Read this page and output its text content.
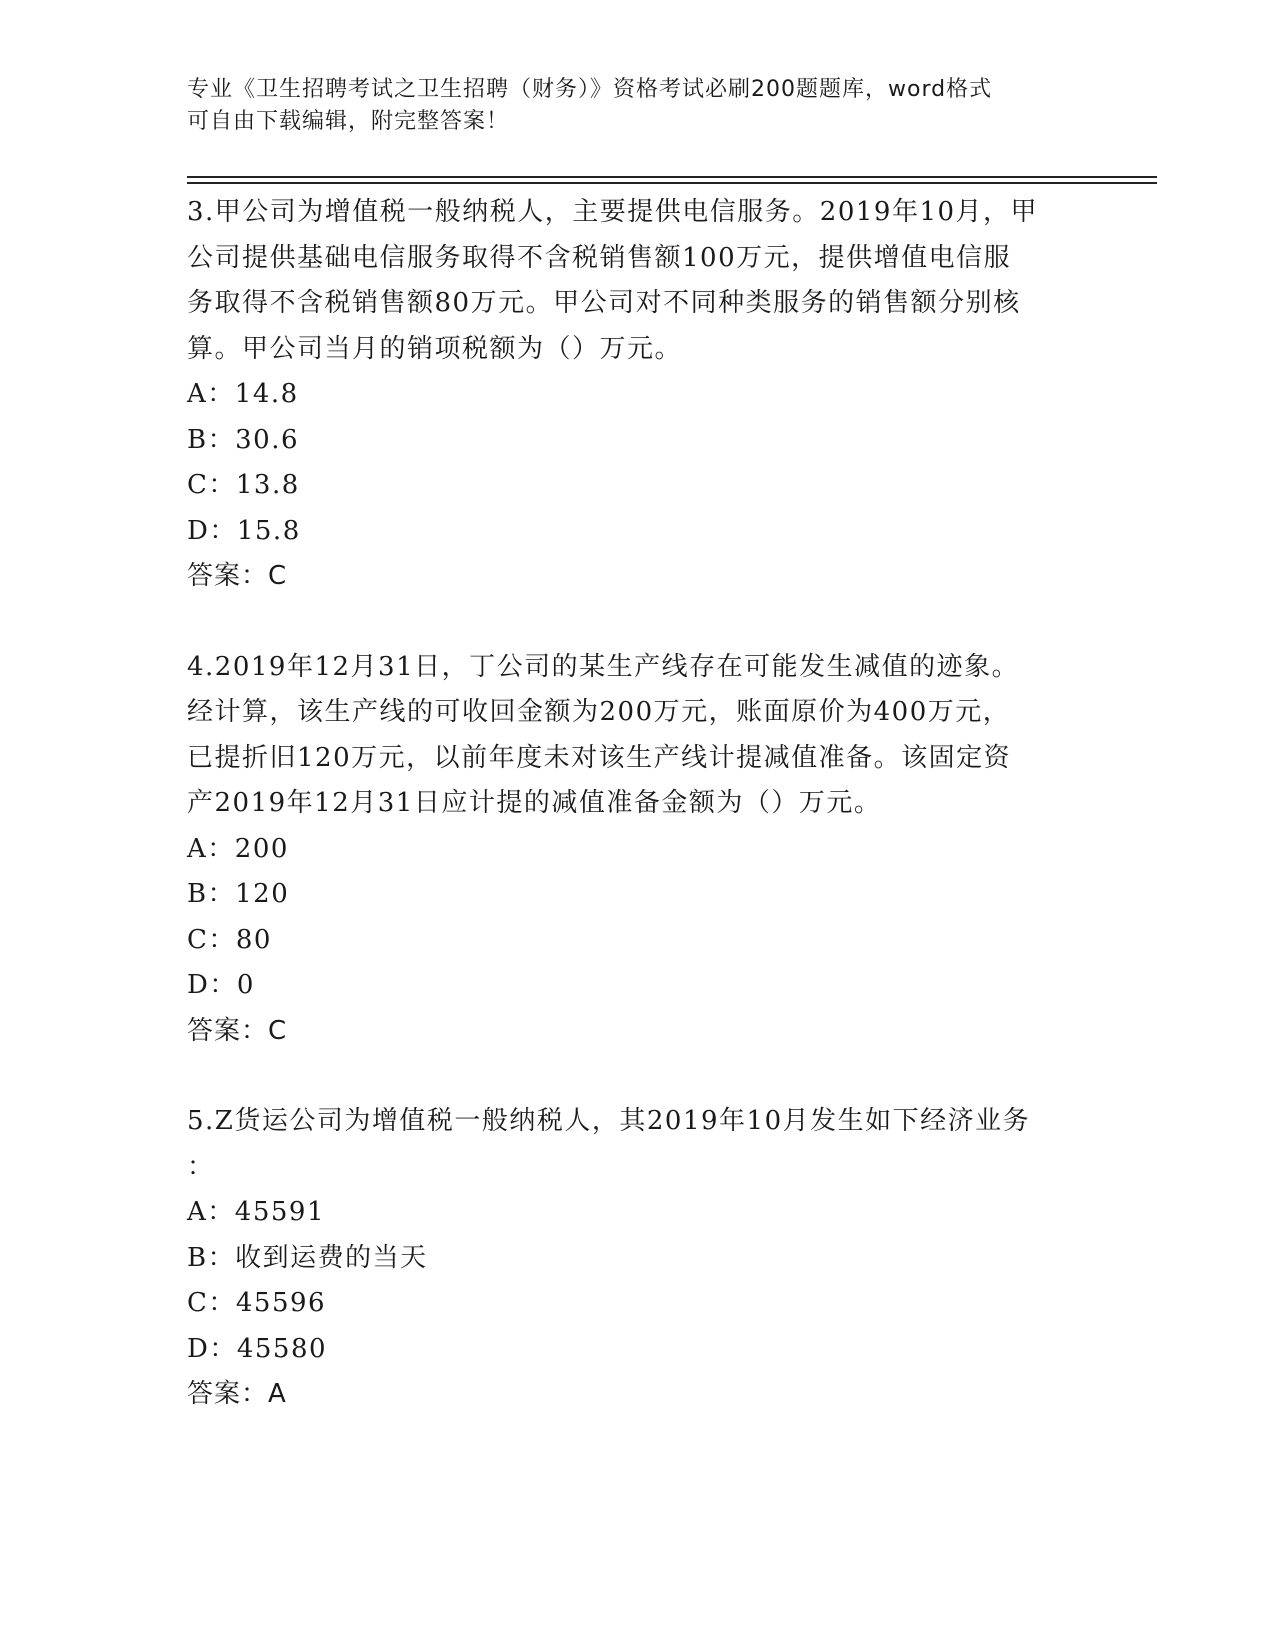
专业《卫生招聘考试之卫生招聘（财务）》资格考试必刷200题题库，word格式
可自由下载编辑，附完整答案！

3.甲公司为增值税一般纳税人，主要提供电信服务。2019年10月，甲

公司提供基础电信服务取得不含税销售额100万元，提供增值电信服

务取得不含税销售额80万元。甲公司对不同种类服务的销售额分别核

算。甲公司当月的销项税额为（）万元。

A：14.8

B：30.6

C：13.8

D：15.8

答案：C

4.2019年12月31日，丁公司的某生产线存在可能发生减值的迹象。

经计算，该生产线的可收回金额为200万元，账面原价为400万元，

已提折旧120万元，以前年度未对该生产线计提减值准备。该固定资

产2019年12月31日应计提的减值准备金额为（）万元。

A：200

B：120

C：80

D：0

答案：C

5.Z货运公司为增值税一般纳税人，其2019年10月发生如下经济业务

：

A：45591

B：收到运费的当天

C：45596

D：45580

答案：A
